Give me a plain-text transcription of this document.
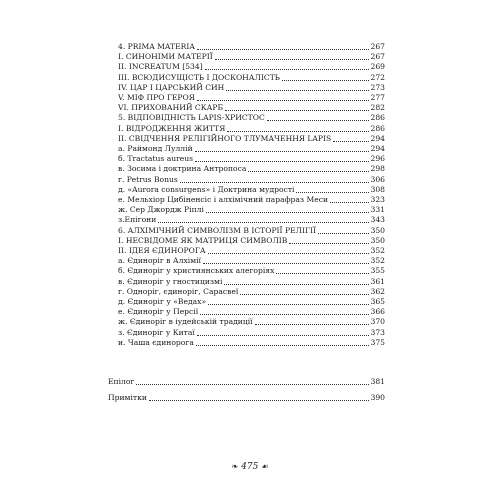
4. PRIMA MATERIA	267
I. СИНОНІМИ МАТЕРІЇ	267
II. INCREATUM [534]	269
III. ВСЮДИСУЩІСТЬ І ДОСКОНАЛІСТЬ	272
IV. ЦАР І ЦАРСЬКИЙ СИН	273
V. МІФ ПРО ГЕРОЯ	277
VI. ПРИХОВАНИЙ СКАРБ	282
5. ВІДПОВІДНІСТЬ LAPIS-ХРИСТОС	286
I. ВІДРОДЖЕННЯ ЖИТТЯ	286
II. СВІДЧЕННЯ РЕЛІГІЙНОГО ТЛУМАЧЕННЯ LAPIS	294
а. Раймонд Луллій	294
б. Tractatus aureus	296
в. Зосима і доктрина Антропоса	298
г. Petrus Bonus	306
д. «Aurora consurgens» і Доктрина мудрості	308
е. Мельхіор Цибіненсіс і алхімічний парафраз Меси	323
ж. Сер Джордж Ріплі	331
з.Епігони	343
6. АЛХІМІЧНИЙ СИМВОЛІЗМ В ІСТОРІЇ РЕЛІГІЇ	350
I. НЕСВІДОМЕ ЯК МАТРИЦЯ СИМВОЛІВ	350
II. ІДЕЯ ЄДИНОРОГА	352
а. Єдиноріг в Алхімії	352
б. Єдиноріг у християнських алегоріях	355
в. Єдиноріг у гностицизмі	361
г. Одноріг, єдиноріг, Сарасвеї	362
д. Єдиноріг у «Ведах»	365
е. Єдиноріг у Персії	366
ж. Єдиноріг в іудейській традиції	370
з. Єдиноріг у Китаї	373
и. Чаша єдинорога	375
Епілог	381
Примітки	390
❧ 475 ☙
